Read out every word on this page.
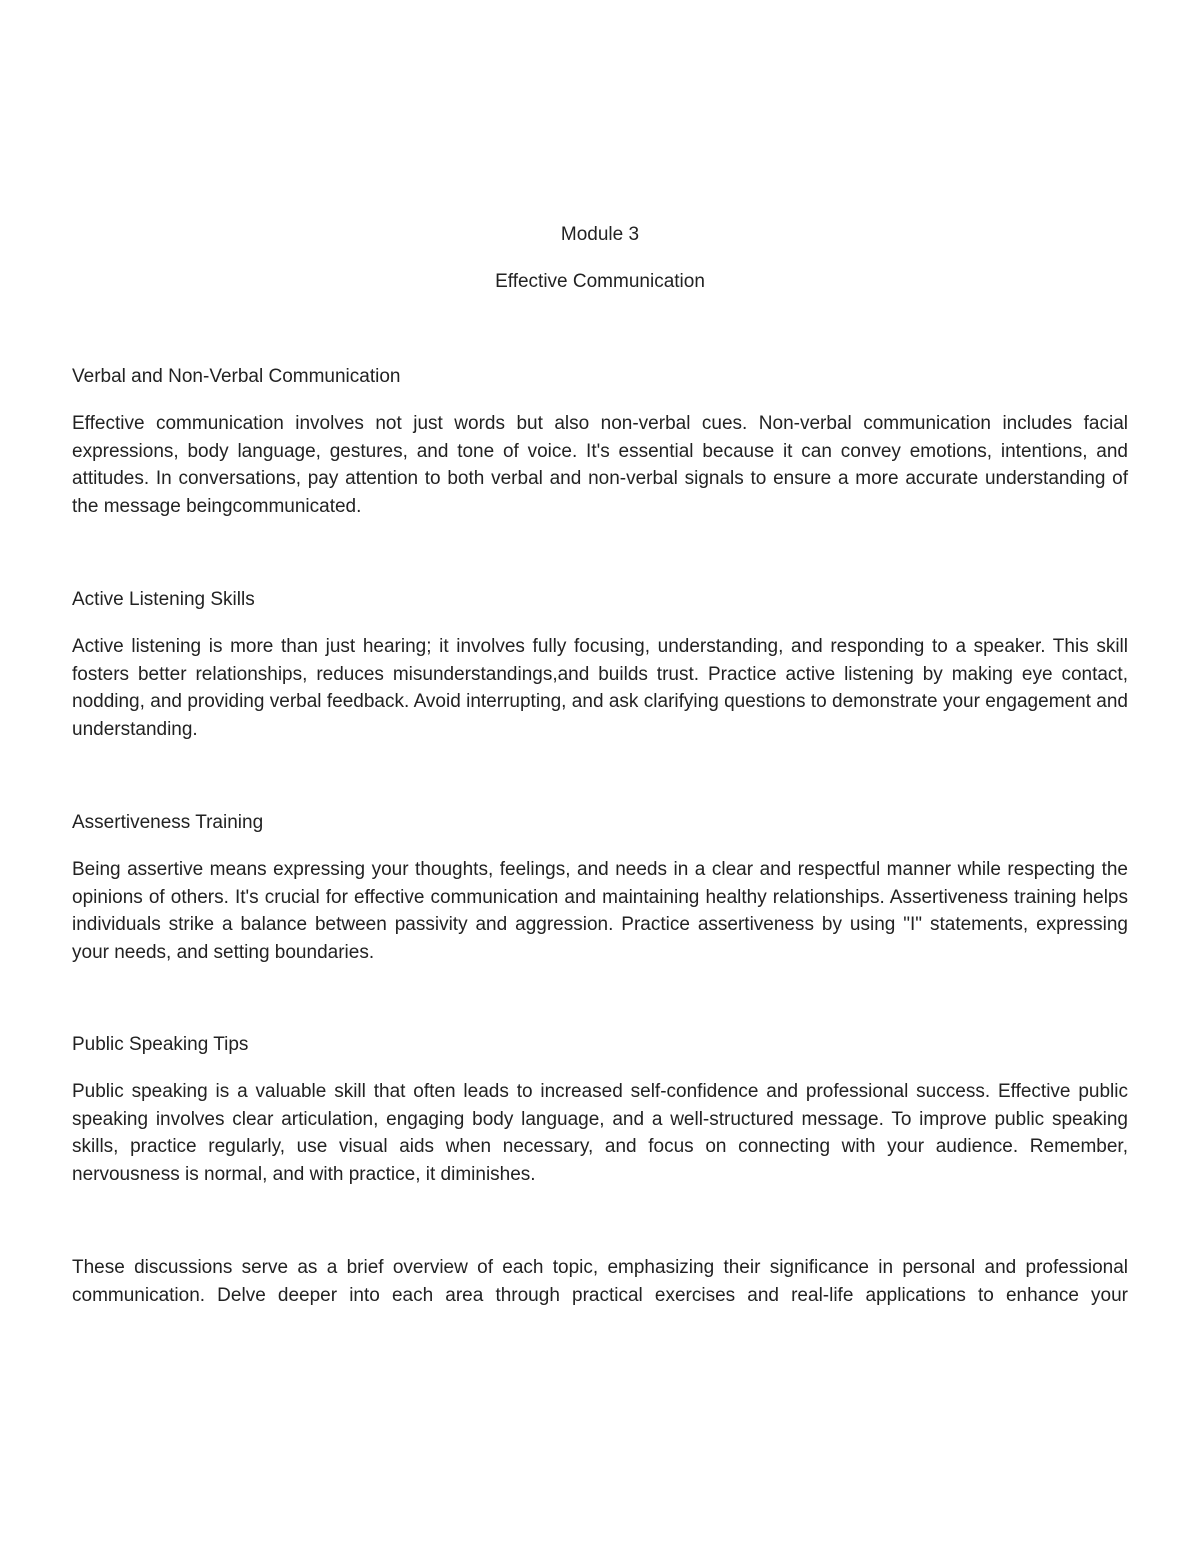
Module 3
Effective Communication
Verbal and Non-Verbal Communication

Effective communication involves not just words but also non-verbal cues. Non-verbal communication includes facial expressions, body language, gestures, and tone of voice. It's essential because it can convey emotions, intentions, and attitudes. In conversations, pay attention to both verbal and non-verbal signals to ensure a more accurate understanding of the message beingcommunicated.

Active Listening Skills

Active listening is more than just hearing; it involves fully focusing, understanding, and responding to a speaker. This skill fosters better relationships, reduces misunderstandings,and builds trust. Practice active listening by making eye contact, nodding, and providing verbal feedback. Avoid interrupting, and ask clarifying questions to demonstrate your engagement and understanding.

Assertiveness Training

Being assertive means expressing your thoughts, feelings, and needs in a clear and respectful manner while respecting the opinions of others. It's crucial for effective communication and maintaining healthy relationships. Assertiveness training helps individuals strike a balance between passivity and aggression. Practice assertiveness by using "I" statements, expressing your needs, and setting boundaries.

Public Speaking Tips

Public speaking is a valuable skill that often leads to increased self-confidence and professional success. Effective public speaking involves clear articulation, engaging body language, and a well-structured message. To improve public speaking skills, practice regularly, use visual aids when necessary, and focus on connecting with your audience. Remember, nervousness is normal, and with practice, it diminishes.

These discussions serve as a brief overview of each topic, emphasizing their significance in personal and professional communication. Delve deeper into each area through practical exercises and real-life applications to enhance your
